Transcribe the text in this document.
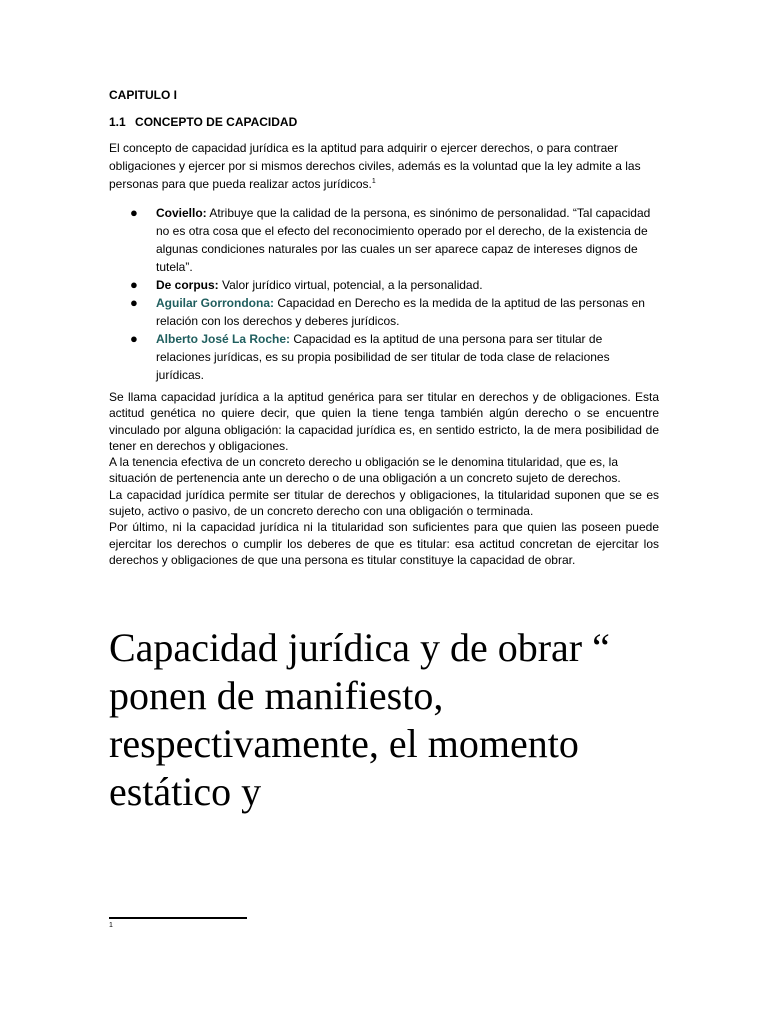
CAPITULO I
1.1 CONCEPTO DE CAPACIDAD
El concepto de capacidad jurídica es la aptitud para adquirir o ejercer derechos, o para contraer obligaciones y ejercer por si mismos derechos civiles, además es la voluntad que la ley admite a las personas para que pueda realizar actos jurídicos.$^1$
● Coviello: Atribuye que la calidad de la persona, es sinónimo de personalidad. “Tal capacidad no es otra cosa que el efecto del reconocimiento operado por el derecho, de la existencia de algunas condiciones naturales por las cuales un ser aparece capaz de intereses dignos de tutela”.
● De corpus: Valor jurídico virtual, potencial, a la personalidad.
● Aguilar Gorrondona: Capacidad en Derecho es la medida de la aptitud de las personas en relación con los derechos y deberes jurídicos.
● Alberto José La Roche: Capacidad es la aptitud de una persona para ser titular de relaciones jurídicas, es su propia posibilidad de ser titular de toda clase de relaciones jurídicas.

Se llama capacidad jurídica a la aptitud genérica para ser titular en derechos y de obligaciones. Esta actitud genética no quiere decir, que quien la tiene tenga también algún derecho o se encuentre vinculado por alguna obligación: la capacidad jurídica es, en sentido estricto, la de mera posibilidad de tener en derechos y obligaciones.

A la tenencia efectiva de un concreto derecho u obligación se le denomina titularidad, que es, la

situación de pertenencia ante un derecho o de una obligación a un concreto sujeto de derechos.

La capacidad jurídica permite ser titular de derechos y obligaciones, la titularidad suponen que se es sujeto, activo o pasivo, de un concreto derecho con una obligación o terminada.

Por último, ni la capacidad jurídica ni la titularidad son suficientes para que quien las poseen puede ejercitar los derechos o cumplir los deberes de que es titular: esa actitud concretan de ejercitar los derechos y obligaciones de que una persona es titular constituye la capacidad de obrar.

Capacidad jurídica y de obrar “ ponen de manifiesto, respectivamente, el momento estático y
1
